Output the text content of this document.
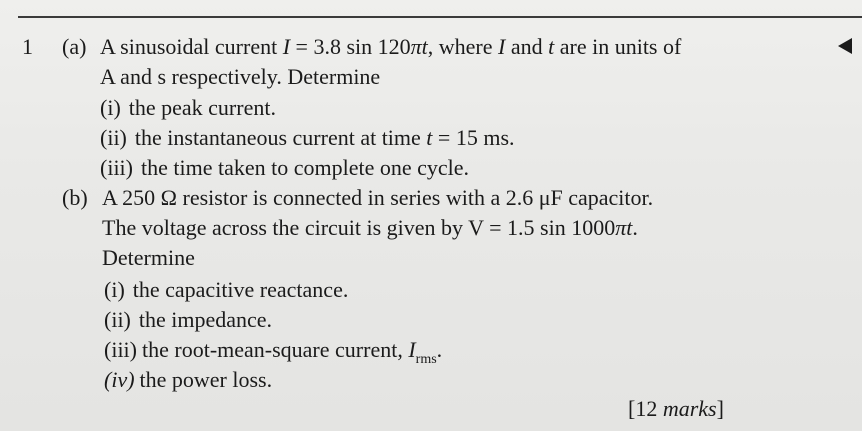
1 (a) A sinusoidal current I = 3.8 sin 120πt, where I and t are in units of
A and s respectively. Determine
(i) the peak current.
(ii) the instantaneous current at time t = 15 ms.
(iii) the time taken to complete one cycle.
(b) A 250 Ω resistor is connected in series with a 2.6 μF capacitor.
The voltage across the circuit is given by V = 1.5 sin 1000πt.
Determine
(i) the capacitive reactance.
(ii) the impedance.
(iii) the root-mean-square current, $I_{rms}$.
(iv) the power loss.
[12 marks]
